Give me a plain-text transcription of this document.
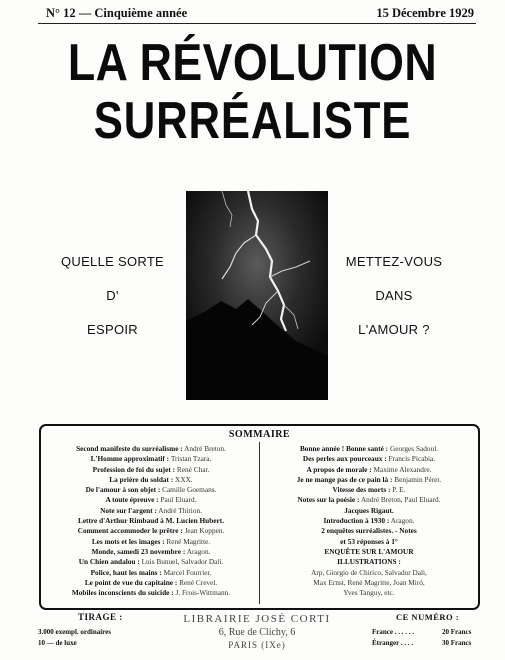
N° 12 — Cinquième année	15 Décembre 1929
LA RÉVOLUTION
SURRÉALISTE
QUELLE SORTE
D'
ESPOIR
METTEZ-VOUS
DANS
L'AMOUR ?
SOMMAIRE
Second manifeste du surréalisme : André Breton.
L'Homme approximatif : Tristan Tzara.
Profession de foi du sujet : René Char.
La prière du soldat : XXX.
De l'amour à son objet : Camille Goemans.
A toute épreuve : Paul Eluard.
Note sur l'argent : André Thirion.
Lettre d'Arthur Rimbaud à M. Lucien Hubert.
Comment accommoder le prêtre : Jean Koppen.
Les mots et les images : René Magritte.
Monde, samedi 23 novembre : Aragon.
Un Chien andalou : Luis Bunuel, Salvador Dali.
Police, haut les mains : Marcel Fourrier.
Le point de vue du capitaine : René Crevel.
Mobiles inconscients du suicide : J. Frois-Wittmann.
Bonne année ! Bonne santé : Georges Sadoul.
Des perles aux pourceaux : Francis Picabia.
A propos de morale : Maxime Alexandre.
Je ne mange pas de ce pain là : Benjamin Péret.
Vitesse des morts : P. E.
Notes sur la poésie : André Breton, Paul Eluard.
Jacques Rigaut.
Introduction à 1930 : Aragon.
2 enquêtes surréalistes. - Notes
et 53 réponses à 1°
ENQUÊTE SUR L'AMOUR
ILLUSTRATIONS :
Arp, Giorgio de Chirico, Salvador Dali,
Max Ernst, René Magritte, Joan Miró,
Yves Tanguy, etc.
TIRAGE :
3.000 exempl. ordinaires
10 — de luxe
LIBRAIRIE JOSÉ CORTI
6, Rue de Clichy, 6
PARIS (IXe)
CE NUMÉRO :
France . . . . . .	20 Francs
Étranger . . . .	30 Francs
